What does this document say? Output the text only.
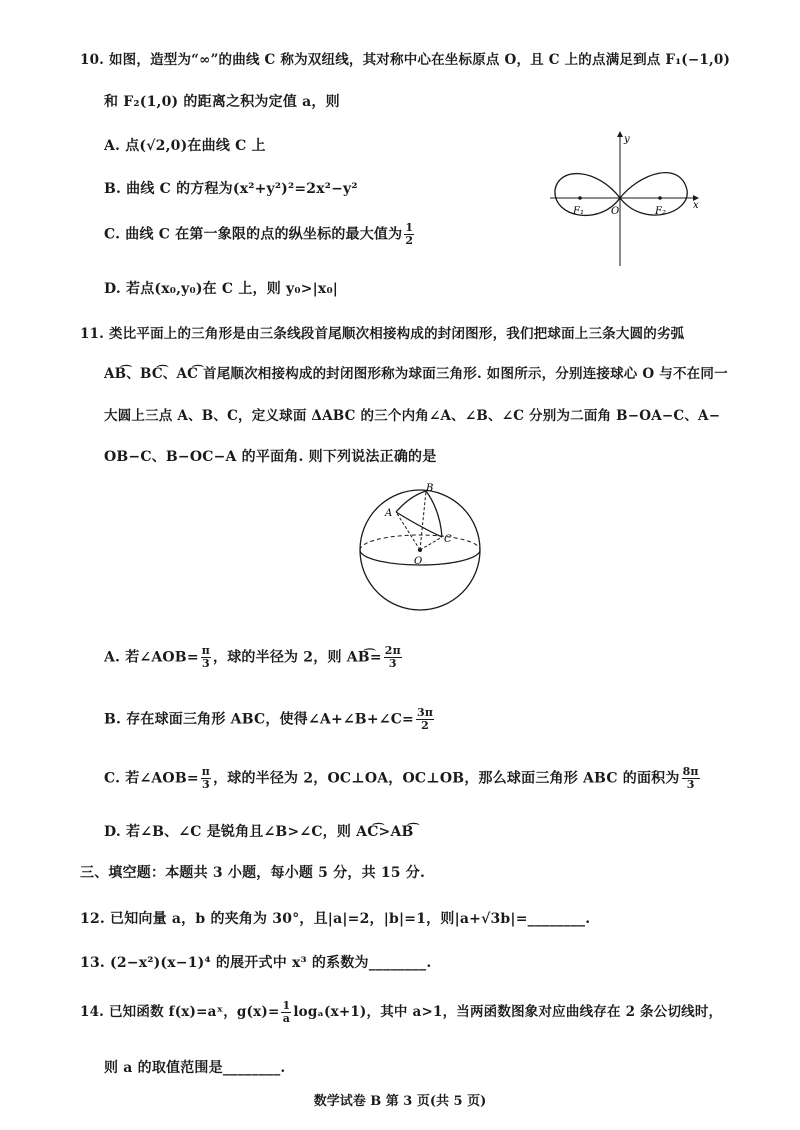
10. 如图，造型为“∞”的曲线 C 称为双纽线，其对称中心在坐标原点 O，且 C 上的点满足到点 F₁(−1,0)
和 F₂(1,0) 的距离之积为定值 a，则
A. 点(√2,0)在曲线 C 上
B. 曲线 C 的方程为(x²+y²)²=2x²−y²
C. 曲线 C 在第一象限的点的纵坐标的最大值为 $\frac{1}{2}$
D. 若点(x₀,y₀)在 C 上，则 y₀>|x₀|
y
x
O
F₁	F₂
11. 类比平面上的三角形是由三条线段首尾顺次相接构成的封闭图形，我们把球面上三条大圆的劣弧
AB͡、BC͡、AC͡ 首尾顺次相接构成的封闭图形称为球面三角形. 如图所示，分别连接球心 O 与不在同一
大圆上三点 A、B、C，定义球面 ΔABC 的三个内角∠A、∠B、∠C 分别为二面角 B−OA−C、A−
OB−C、B−OC−A 的平面角. 则下列说法正确的是
A
B
C
O
A. 若∠AOB= $\frac{\pi}{3}$ ，球的半径为 2，则 AB͡= $\frac{2\pi}{3}$
B. 存在球面三角形 ABC，使得∠A+∠B+∠C= $\frac{3\pi}{2}$
C. 若∠AOB= $\frac{\pi}{3}$ ，球的半径为 2，OC⊥OA，OC⊥OB，那么球面三角形 ABC 的面积为 $\frac{8\pi}{3}$
D. 若∠B、∠C 是锐角且∠B>∠C，则 AC͡>AB͡
三、填空题：本题共 3 小题，每小题 5 分，共 15 分.
12. 已知向量 a，b 的夹角为 30°，且|a|=2，|b|=1，则|a+√3b|=________.
13. (2−x²)(x−1)⁴ 的展开式中 x³ 的系数为________.
14. 已知函数 f(x)=aˣ，$g(x)= \frac{1}{a} \log_a(x+1)$，其中 a>1，当两函数图象对应曲线存在 2 条公切线时，
则 a 的取值范围是________.
数学试卷 B 第 3 页(共 5 页)
